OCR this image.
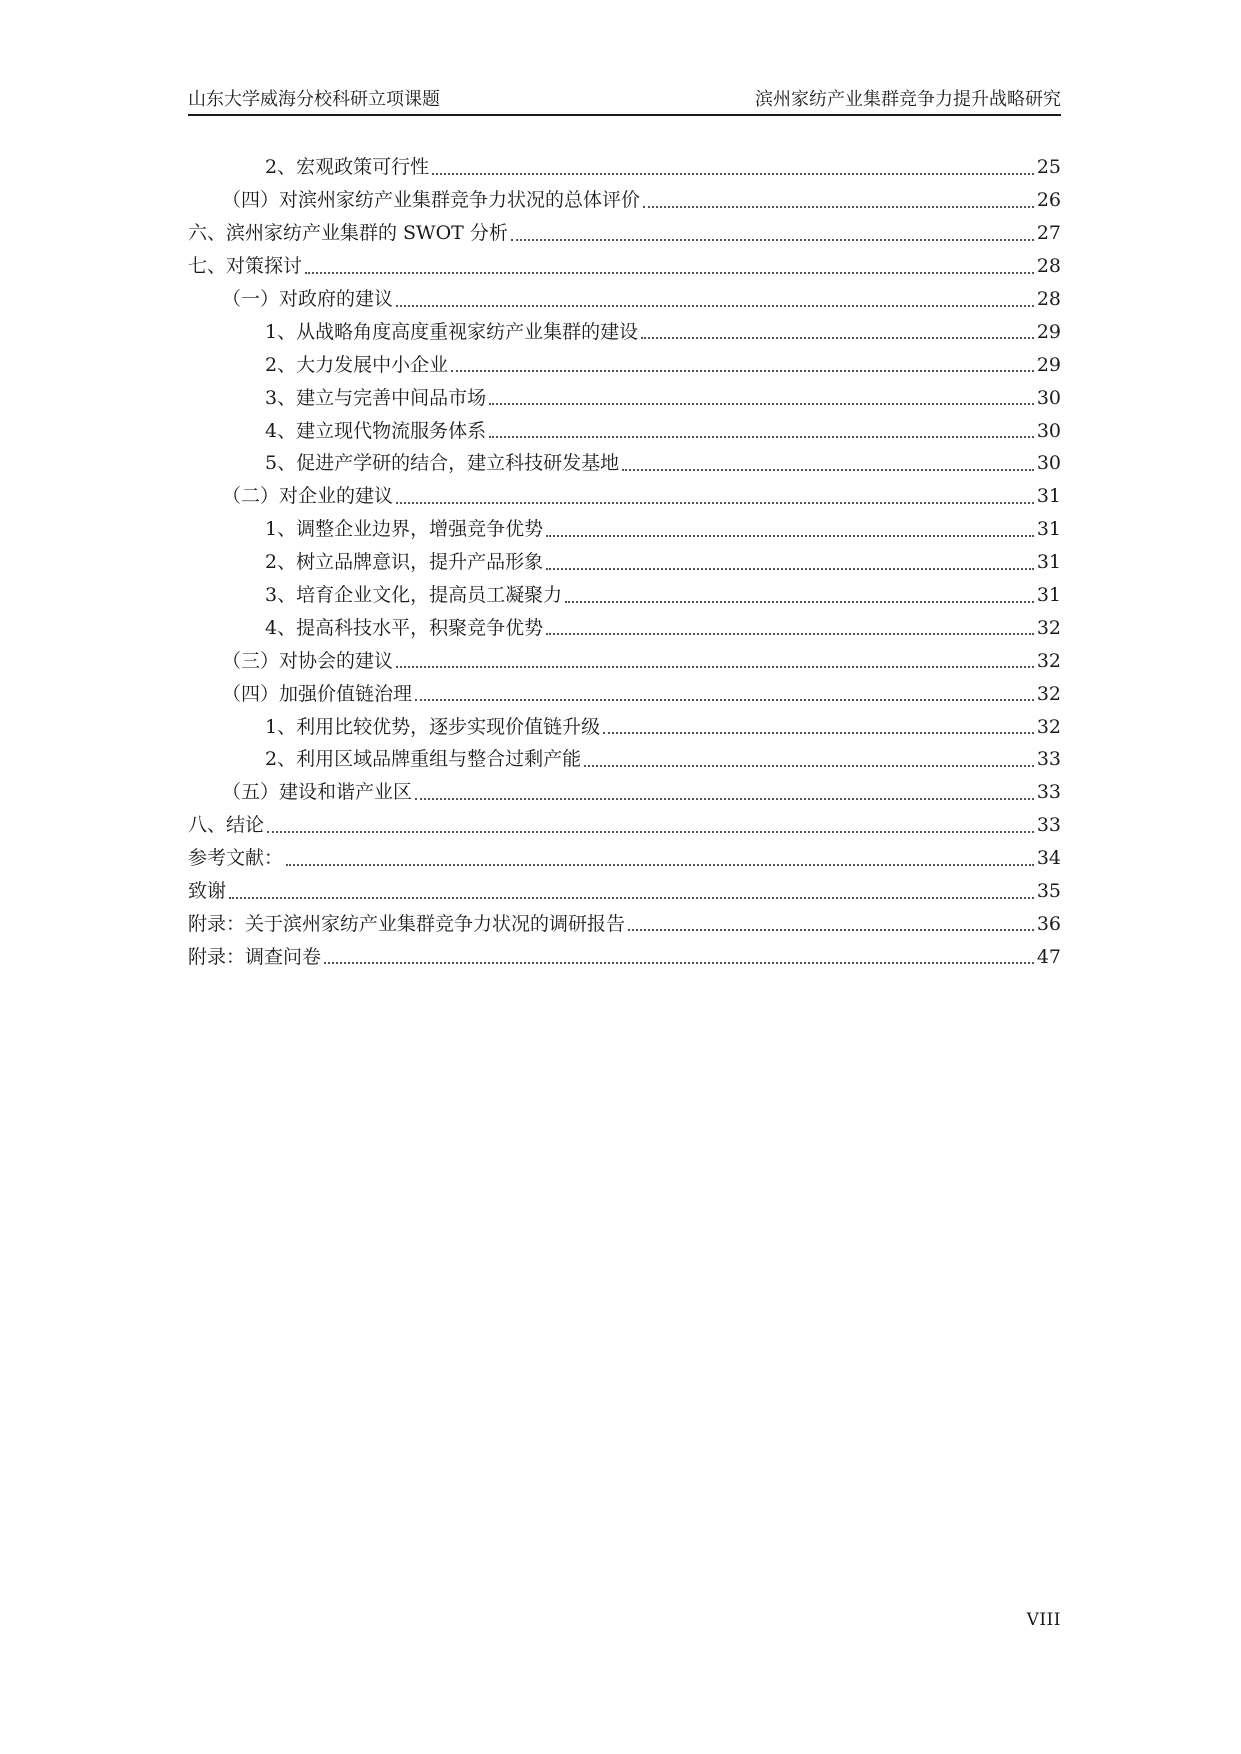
山东大学威海分校科研立项课题	滨州家纺产业集群竞争力提升战略研究
2、宏观政策可行性	25
（四）对滨州家纺产业集群竞争力状况的总体评价	26
六、滨州家纺产业集群的 SWOT 分析	27
七、对策探讨	28
（一）对政府的建议	28
1、从战略角度高度重视家纺产业集群的建设	29
2、大力发展中小企业	29
3、建立与完善中间品市场	30
4、建立现代物流服务体系	30
5、促进产学研的结合，建立科技研发基地	30
（二）对企业的建议	31
1、调整企业边界，增强竞争优势	31
2、树立品牌意识，提升产品形象	31
3、培育企业文化，提高员工凝聚力	31
4、提高科技水平，积聚竞争优势	32
（三）对协会的建议	32
（四）加强价值链治理	32
1、利用比较优势，逐步实现价值链升级	32
2、利用区域品牌重组与整合过剩产能	33
（五）建设和谐产业区	33
八、结论	33
参考文献：	34
致谢	35
附录：关于滨州家纺产业集群竞争力状况的调研报告	36
附录：调查问卷	47
VIII
